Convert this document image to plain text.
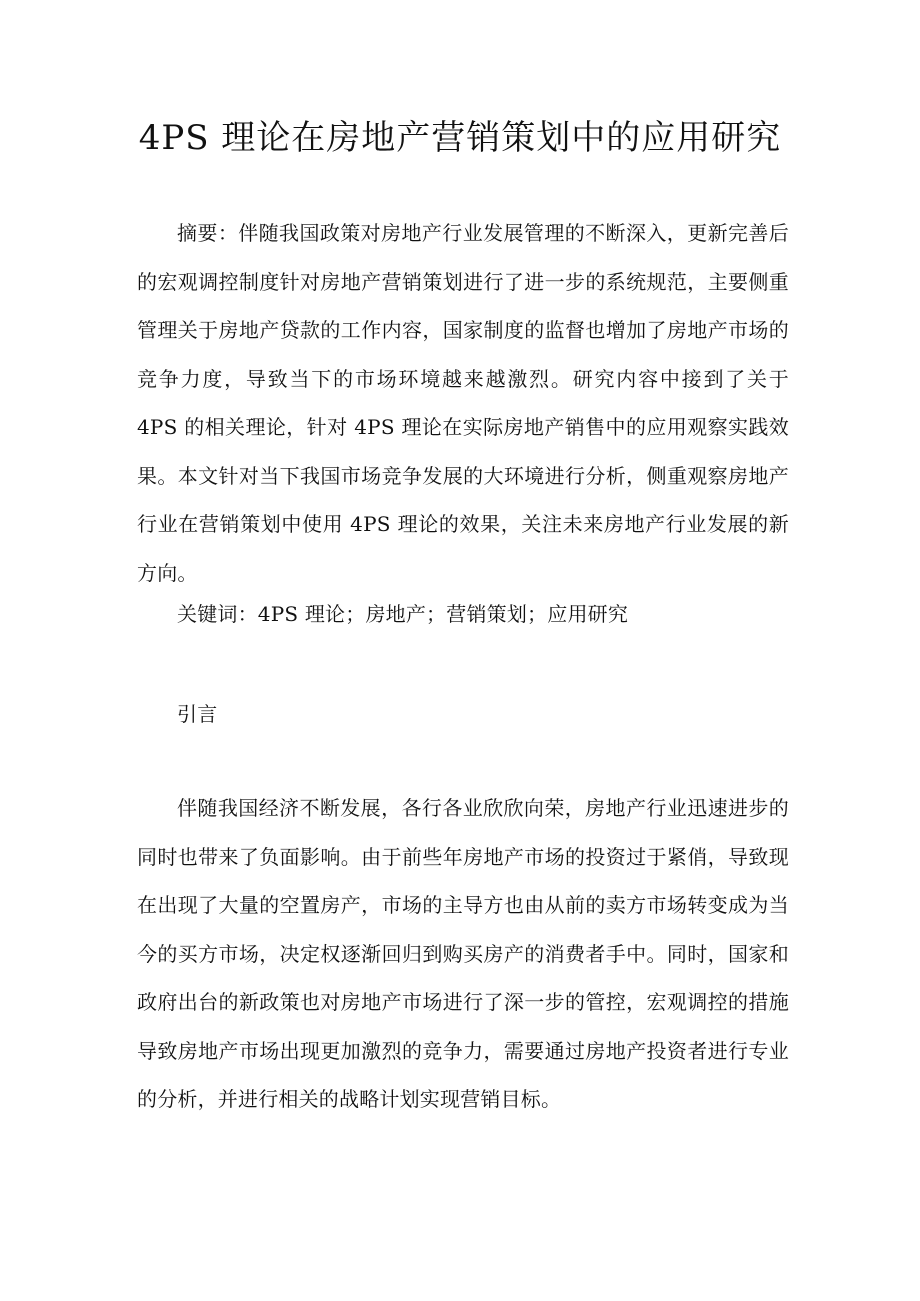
4PS 理论在房地产营销策划中的应用研究

摘要：伴随我国政策对房地产行业发展管理的不断深入，更新完善后的宏观调控制度针对房地产营销策划进行了进一步的系统规范，主要侧重管理关于房地产贷款的工作内容，国家制度的监督也增加了房地产市场的竞争力度，导致当下的市场环境越来越激烈。研究内容中接到了关于 4PS 的相关理论，针对 4PS 理论在实际房地产销售中的应用观察实践效果。本文针对当下我国市场竞争发展的大环境进行分析，侧重观察房地产行业在营销策划中使用 4PS 理论的效果，关注未来房地产行业发展的新方向。

关键词：4PS 理论；房地产；营销策划；应用研究

引言

伴随我国经济不断发展，各行各业欣欣向荣，房地产行业迅速进步的同时也带来了负面影响。由于前些年房地产市场的投资过于紧俏，导致现在出现了大量的空置房产，市场的主导方也由从前的卖方市场转变成为当今的买方市场，决定权逐渐回归到购买房产的消费者手中。同时，国家和政府出台的新政策也对房地产市场进行了深一步的管控，宏观调控的措施导致房地产市场出现更加激烈的竞争力，需要通过房地产投资者进行专业的分析，并进行相关的战略计划实现营销目标。
